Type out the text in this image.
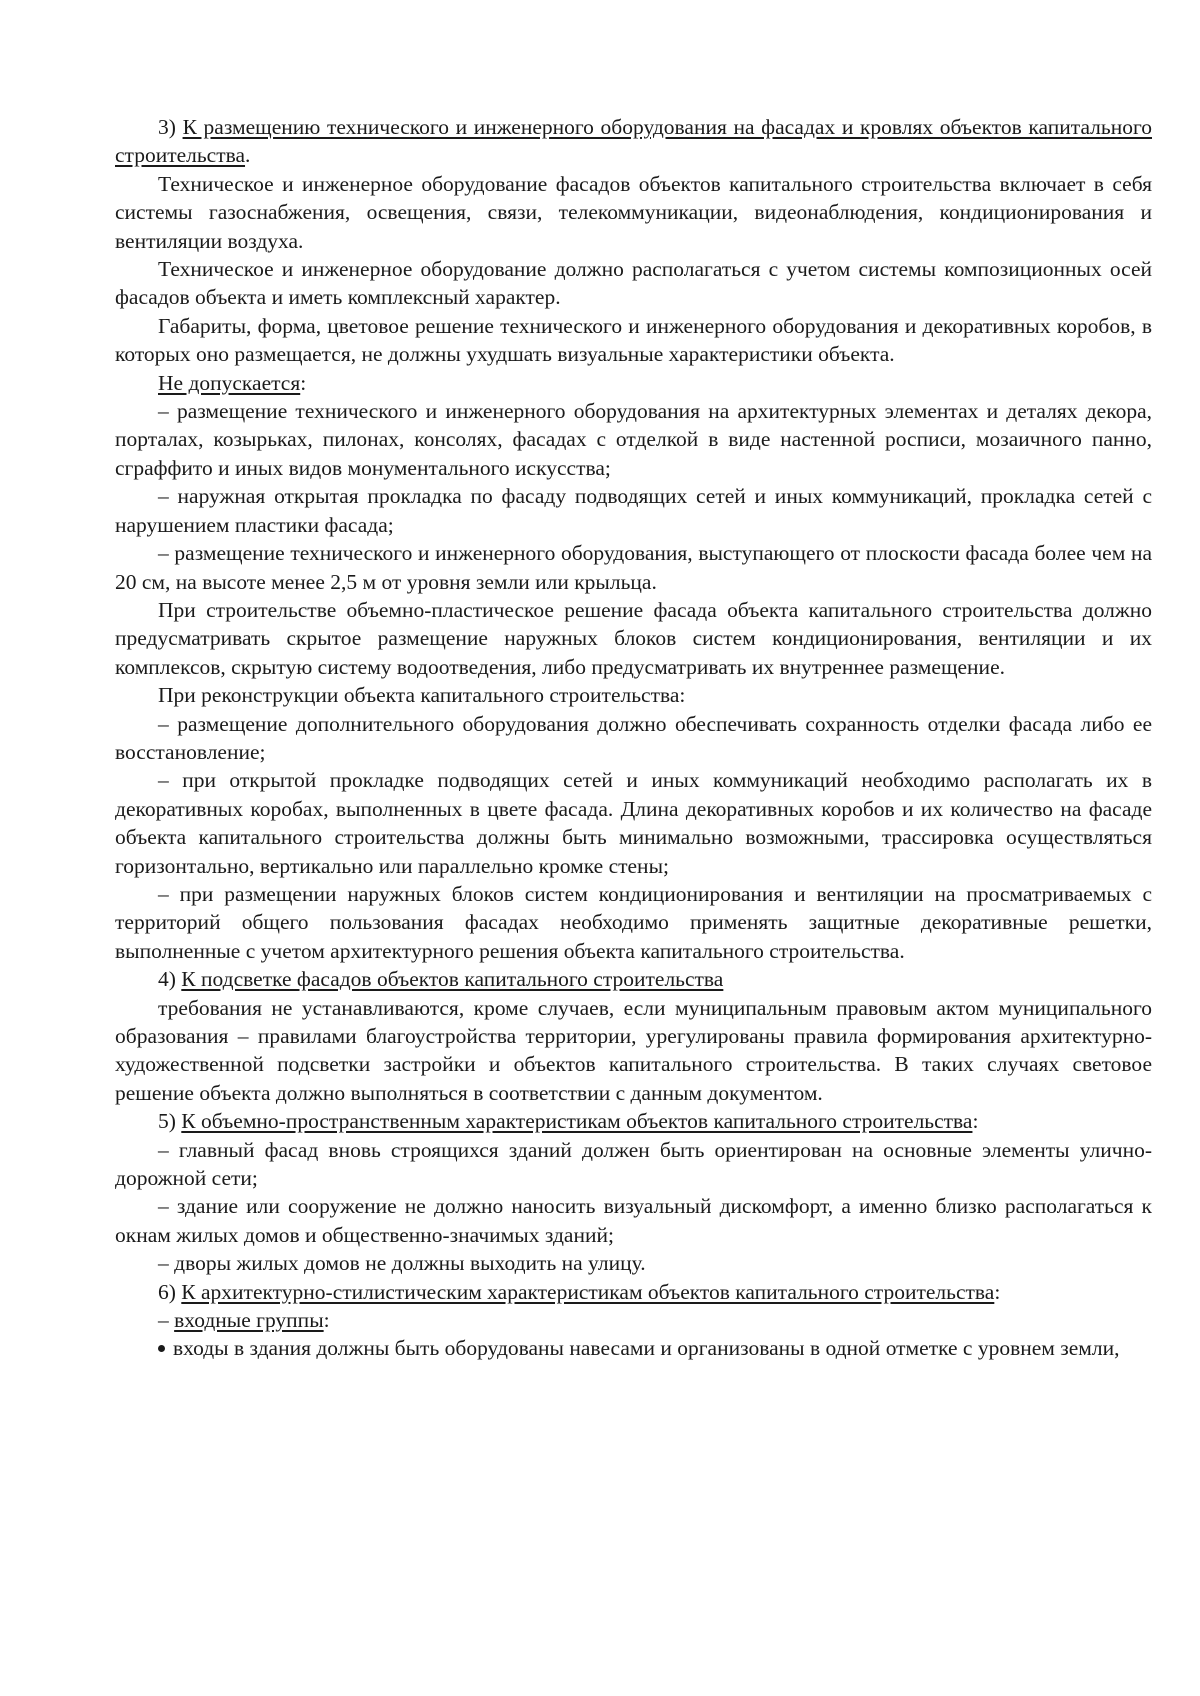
3) К размещению технического и инженерного оборудования на фасадах и кровлях объектов капитального строительства.

Техническое и инженерное оборудование фасадов объектов капитального строительства включает в себя системы газоснабжения, освещения, связи, телекоммуникации, видеонаблюдения, кондиционирования и вентиляции воздуха.

Техническое и инженерное оборудование должно располагаться с учетом системы композиционных осей фасадов объекта и иметь комплексный характер.

Габариты, форма, цветовое решение технического и инженерного оборудования и декоративных коробов, в которых оно размещается, не должны ухудшать визуальные характеристики объекта.

Не допускается:

– размещение технического и инженерного оборудования на архитектурных элементах и деталях декора, порталах, козырьках, пилонах, консолях, фасадах с отделкой в виде настенной росписи, мозаичного панно, сграффито и иных видов монументального искусства;

– наружная открытая прокладка по фасаду подводящих сетей и иных коммуникаций, прокладка сетей с нарушением пластики фасада;

– размещение технического и инженерного оборудования, выступающего от плоскости фасада более чем на 20 см, на высоте менее 2,5 м от уровня земли или крыльца.

При строительстве объемно-пластическое решение фасада объекта капитального строительства должно предусматривать скрытое размещение наружных блоков систем кондиционирования, вентиляции и их комплексов, скрытую систему водоотведения, либо предусматривать их внутреннее размещение.

При реконструкции объекта капитального строительства:

– размещение дополнительного оборудования должно обеспечивать сохранность отделки фасада либо ее восстановление;

– при открытой прокладке подводящих сетей и иных коммуникаций необходимо располагать их в декоративных коробах, выполненных в цвете фасада. Длина декоративных коробов и их количество на фасаде объекта капитального строительства должны быть минимально возможными, трассировка осуществляться горизонтально, вертикально или параллельно кромке стены;

– при размещении наружных блоков систем кондиционирования и вентиляции на просматриваемых с территорий общего пользования фасадах необходимо применять защитные декоративные решетки, выполненные с учетом архитектурного решения объекта капитального строительства.

4) К подсветке фасадов объектов капитального строительства

требования не устанавливаются, кроме случаев, если муниципальным правовым актом муниципального образования – правилами благоустройства территории, урегулированы правила формирования архитектурно-художественной подсветки застройки и объектов капитального строительства. В таких случаях световое решение объекта должно выполняться в соответствии с данным документом.

5) К объемно-пространственным характеристикам объектов капитального строительства:

– главный фасад вновь строящихся зданий должен быть ориентирован на основные элементы улично-дорожной сети;

– здание или сооружение не должно наносить визуальный дискомфорт, а именно близко располагаться к окнам жилых домов и общественно-значимых зданий;

– дворы жилых домов не должны выходить на улицу.

6) К архитектурно-стилистическим характеристикам объектов капитального строительства:

– входные группы:

входы в здания должны быть оборудованы навесами и организованы в одной отметке с уровнем земли,
